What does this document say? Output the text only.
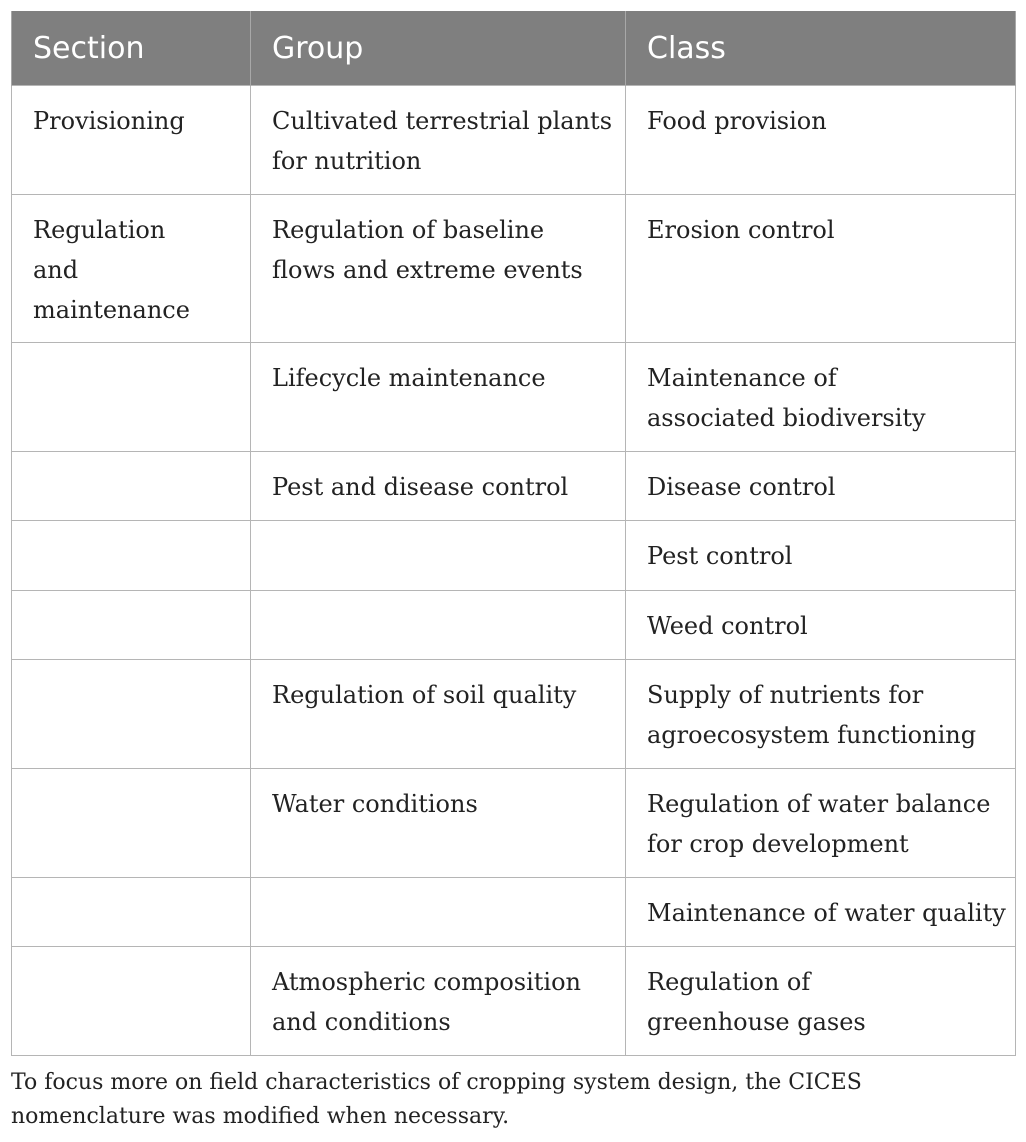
Section	Group	Class
Provisioning	Cultivated terrestrial plants for nutrition	Food provision
Regulation and maintenance	Regulation of baseline flows and extreme events	Erosion control
	Lifecycle maintenance	Maintenance of associated biodiversity
	Pest and disease control	Disease control
		Pest control
		Weed control
	Regulation of soil quality	Supply of nutrients for agroecosystem functioning
	Water conditions	Regulation of water balance for crop development
		Maintenance of water quality
	Atmospheric composition and conditions	Regulation of greenhouse gases
To focus more on field characteristics of cropping system design, the CICES nomenclature was modified when necessary.
